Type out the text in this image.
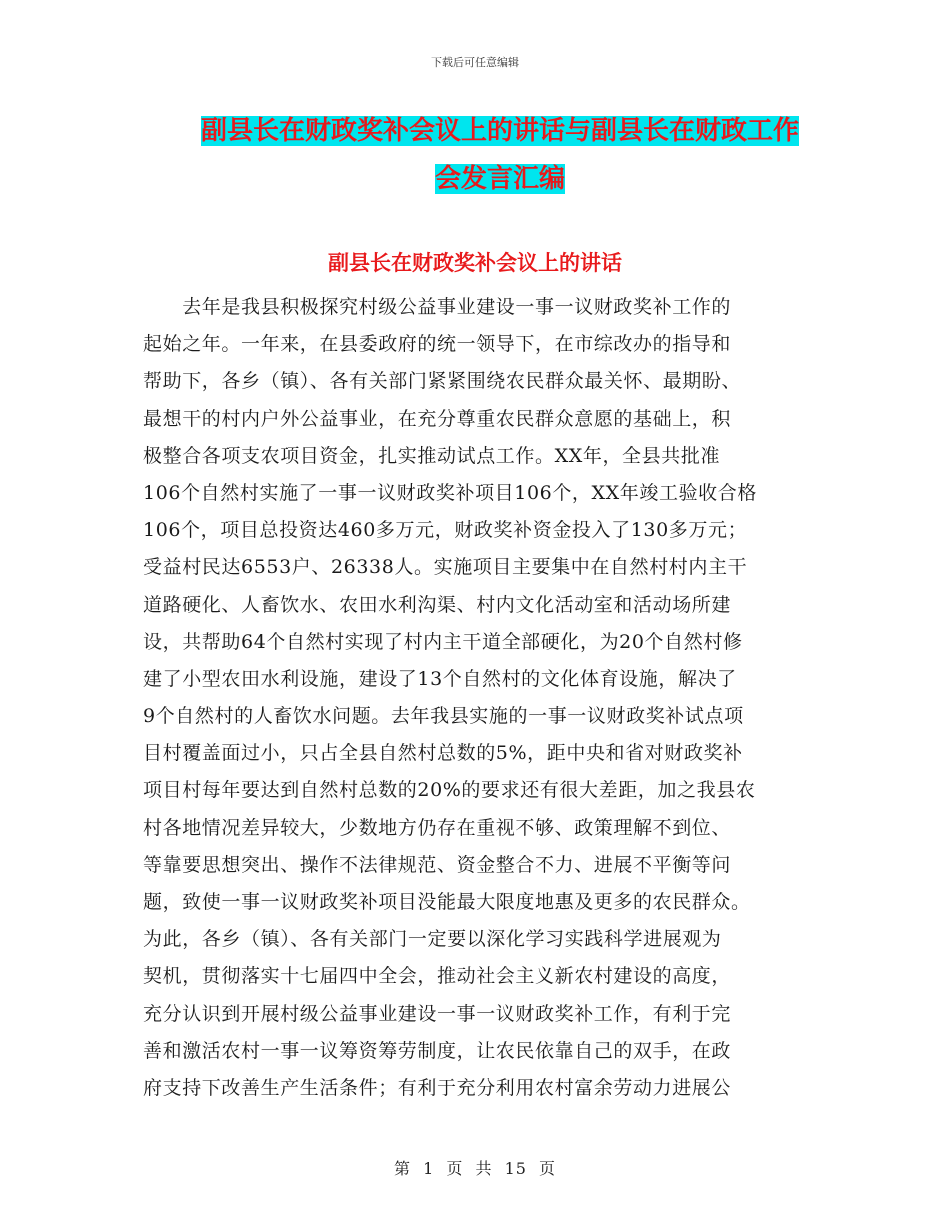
下载后可任意编辑
副县长在财政奖补会议上的讲话与副县长在财政工作
会发言汇编
副县长在财政奖补会议上的讲话
　　去年是我县积极探究村级公益事业建设一事一议财政奖补工作的
起始之年。一年来，在县委政府的统一领导下，在市综改办的指导和
帮助下，各乡（镇）、各有关部门紧紧围绕农民群众最关怀、最期盼、
最想干的村内户外公益事业，在充分尊重农民群众意愿的基础上，积
极整合各项支农项目资金，扎实推动试点工作。XX年，全县共批准
106个自然村实施了一事一议财政奖补项目106个，XX年竣工验收合格
106个，项目总投资达460多万元，财政奖补资金投入了130多万元；
受益村民达6553户、26338人。实施项目主要集中在自然村村内主干
道路硬化、人畜饮水、农田水利沟渠、村内文化活动室和活动场所建
设，共帮助64个自然村实现了村内主干道全部硬化，为20个自然村修
建了小型农田水利设施，建设了13个自然村的文化体育设施，解决了
9个自然村的人畜饮水问题。去年我县实施的一事一议财政奖补试点项
目村覆盖面过小，只占全县自然村总数的5%，距中央和省对财政奖补
项目村每年要达到自然村总数的20%的要求还有很大差距，加之我县农
村各地情况差异较大，少数地方仍存在重视不够、政策理解不到位、
等靠要思想突出、操作不法律规范、资金整合不力、进展不平衡等问
题，致使一事一议财政奖补项目没能最大限度地惠及更多的农民群众。
为此，各乡（镇）、各有关部门一定要以深化学习实践科学进展观为
契机，贯彻落实十七届四中全会，推动社会主义新农村建设的高度，
充分认识到开展村级公益事业建设一事一议财政奖补工作，有利于完
善和激活农村一事一议筹资筹劳制度，让农民依靠自己的双手，在政
府支持下改善生产生活条件；有利于充分利用农村富余劳动力进展公
第 1 页 共 15 页
